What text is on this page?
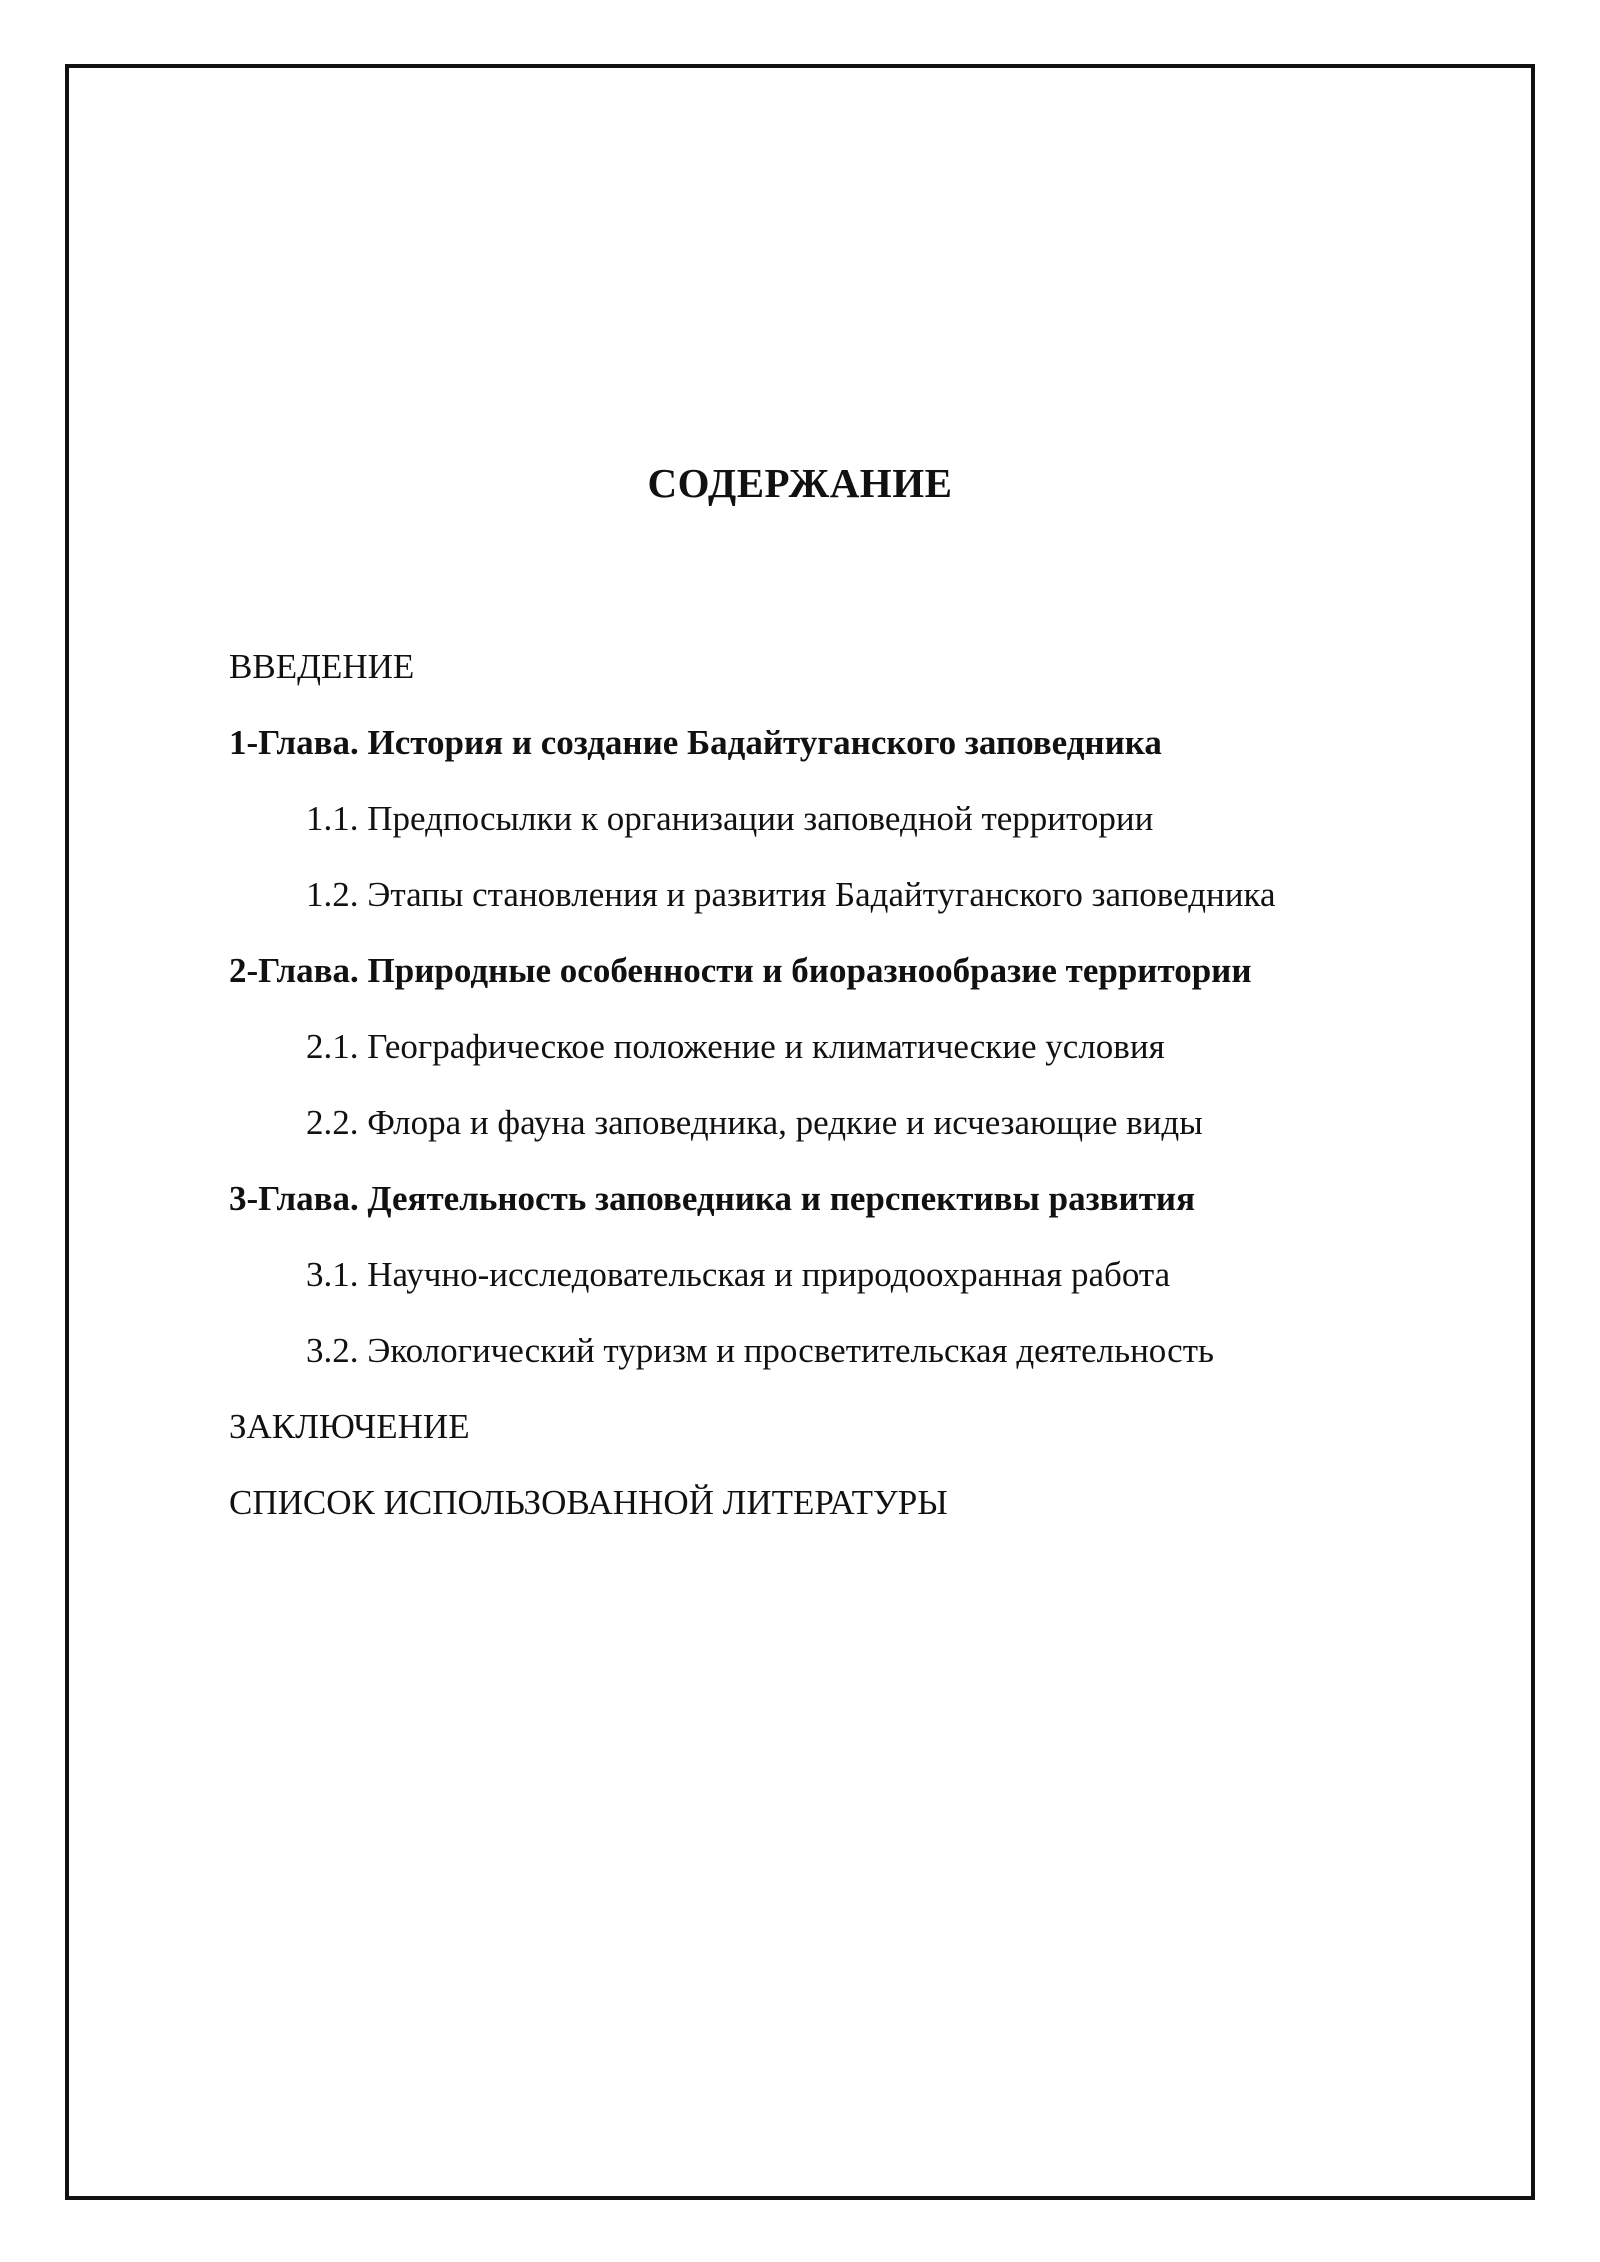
СОДЕРЖАНИЕ
ВВЕДЕНИЕ
1-Глава. История и создание Бадайтуганского заповедника
1.1. Предпосылки к организации заповедной территории
1.2. Этапы становления и развития Бадайтуганского заповедника
2-Глава. Природные особенности и биоразнообразие территории
2.1. Географическое положение и климатические условия
2.2. Флора и фауна заповедника, редкие и исчезающие виды
3-Глава. Деятельность заповедника и перспективы развития
3.1. Научно-исследовательская и природоохранная работа
3.2. Экологический туризм и просветительская деятельность
ЗАКЛЮЧЕНИЕ
СПИСОК ИСПОЛЬЗОВАННОЙ ЛИТЕРАТУРЫ
